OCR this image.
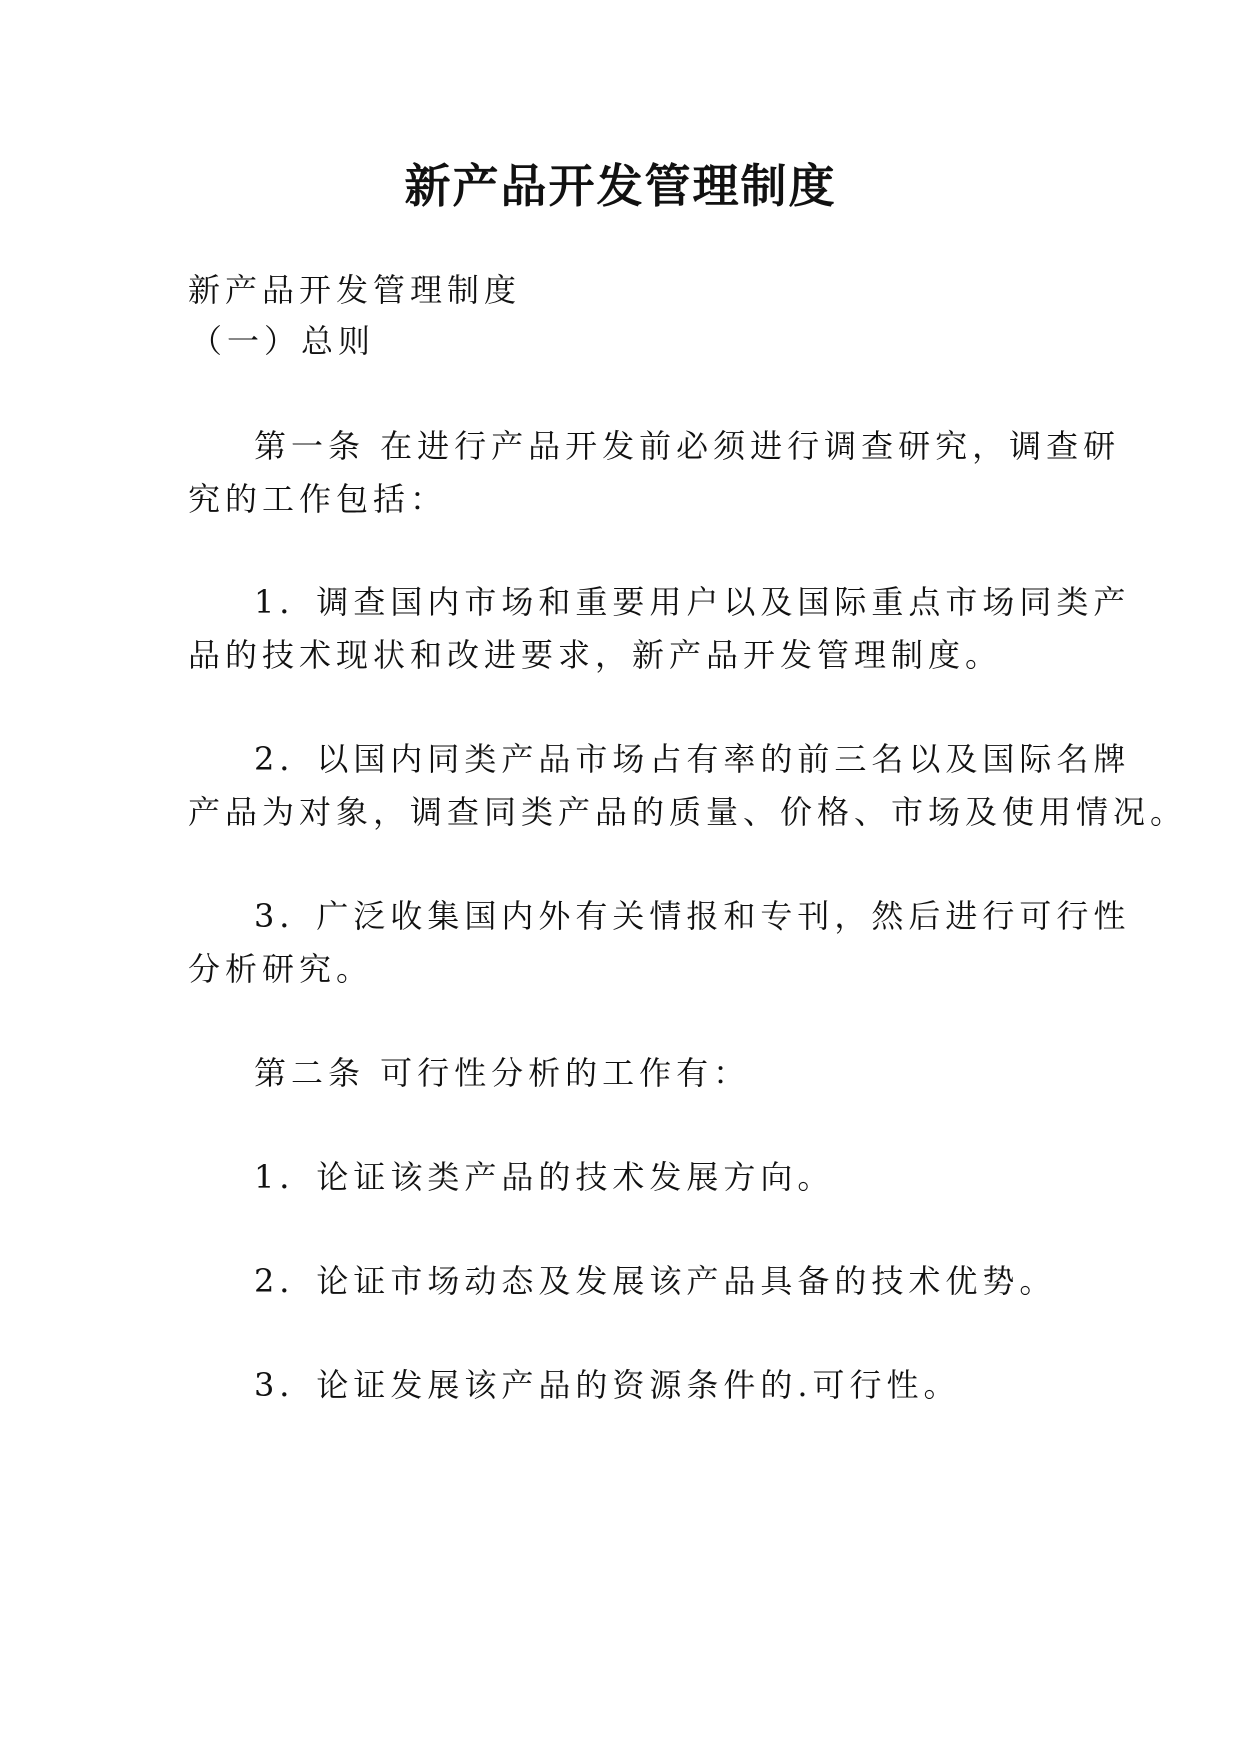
新产品开发管理制度
新产品开发管理制度
（一）总则
第一条 在进行产品开发前必须进行调查研究，调查研
究的工作包括：
1．调查国内市场和重要用户以及国际重点市场同类产
品的技术现状和改进要求，新产品开发管理制度。
2．以国内同类产品市场占有率的前三名以及国际名牌
产品为对象，调查同类产品的质量、价格、市场及使用情况。
3．广泛收集国内外有关情报和专刊，然后进行可行性
分析研究。
第二条 可行性分析的工作有：
1．论证该类产品的技术发展方向。
2．论证市场动态及发展该产品具备的技术优势。
3．论证发展该产品的资源条件的.可行性。
